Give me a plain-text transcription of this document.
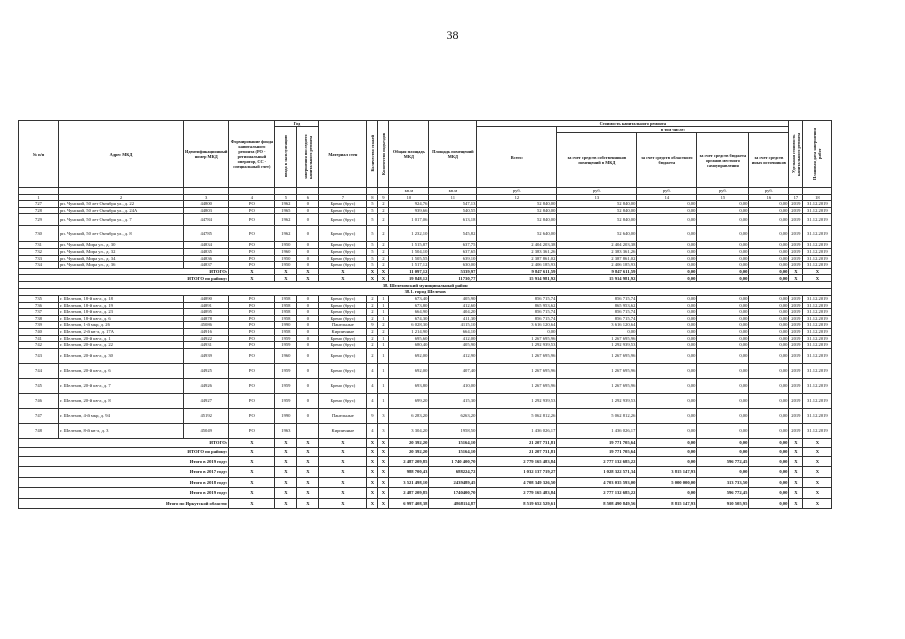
38
№ п/п	Адрес МКД	Идентификационный номер МКД	Формирование фонда капитального ремонта (РО - региональный оператор, СС - специальный счет)	Год		Материал стен	Количество этажей	Количество подъездов	Общая площадь МКД	Площадь помещений МКД	Стоимость капитального ремонта					Удельная стоимость капитального ремонта	Плановая дата завершения работ
				ввода в эксплуатацию	завершения последнего капитального ремонта						Всего:	в том числе:					
												за счет средств собственников помещений в МКД	за счет средств областного бюджета	за счет средств бюджета органов местного самоуправления	за счет средств иных источников		
									кв.м	кв.м	руб.	руб.	руб.	руб.	руб.		
1	2	3	4	5	6	7	8	9	10	11	12	13	14	15	16	17	18
727	рп. Чунский, 50 лет Октября ул., д. 22	44800	РО	1962	0	Брено (брус)	5	2	924,76	547,13	52 840,00	52 840,00	0,00	0,00	0,00	2019	31.12.2019
728	рп. Чунский, 50 лет Октября ул., д. 24А	44803	РО	1965	0	Брено (брус)	5	2	939,66	540,55	52 840,00	52 840,00	0,00	0,00	0,00	2019	31.12.2019
729	рп. Чунский, 50 лет Октября ул., д. 7	44784	РО	1962	0	Брено (брус)	5	2	1 017,06	613,18	52 840,00	52 840,00	0,00	0,00	0,00	2019	31.12.2019
730	рп. Чунский, 50 лет Октября ул., д. 8	44785	РО	1962	0	Брено (брус)	5	2	1 232,10	545,82	52 640,00	52 640,00	0,00	0,00	0,00	2019	31.12.2019
731	рп. Чунский, Мира ул., д. 30	44834	РО	1950	0	Брено (брус)	5	2	1 515,87	637,75	2 404 203,38	2 404 203,38	0,00	0,00	0,00	2019	31.12.2019
732	рп. Чунский, Мира ул., д. 32	44835	РО	1960	0	Брено (брус)	5	2	1 504,10	637,65	2 383 361,26	2 383 361,26	0,00	0,00	0,00	2019	31.12.2019
733	рп. Чунский, Мира ул., д. 34	44836	РО	1950	0	Брено (брус)	5	2	1 505,55	639,10	2 387 861,02	2 387 861,02	0,00	0,00	0,00	2019	31.12.2019
734	рп. Чунский, Мира ул., д. 36	44837	РО	1950	0	Брено (брус)	5	2	1 517,12	630,00	2 406 185,93	2 406 185,93	0,00	0,00	0,00	2019	31.12.2019
ИТОГО:			X	X	X	X	X	X	11 097,12	5339,97	9 847 611,59	9 847 611,59	0,00	0,00	0,00	X	X
ИТОГО по району:			X	X	X	X	X	X	19 848,12	11730,77	15 914 981,92	15 914 981,92	0,00	0,00	0,00	X	X
38. Шелеховский муниципальный район																	
38.1. город Шелехов																	
735	г. Шелехов, 18-й кв-л, д. 18	44890	РО	1958	0	Брено (брус)	2	1	673,40	405,90	856 715,74	856 715,74	0,00	0,00	0,00	2019	31.12.2019
736	г. Шелехов, 18-й кв-л, д. 19	44891	РО	1958	0	Брено (брус)	2	1	673,80	412,60	865 953,62	865 953,62	0,00	0,00	0,00	2019	31.12.2019
737	г. Шелехов, 18-й кв-л, д. 23	44895	РО	1958	0	Брено (брус)	2	1	664,90	404,20	856 715,74	856 715,74	0,00	0,00	0,00	2019	31.12.2019
738	г. Шелехов, 18-й кв-л, д. 6	44878	РО	1958	0	Брено (брус)	2	1	674,30	411,30	856 715,74	856 715,74	0,00	0,00	0,00	2019	31.12.2019
739	г. Шелехов, 1-й мкр, д. 26	45086	РО	1990	0	Панельные	9	2	6 028,30	4115,10	3 616 120,64	3 616 120,64	0,00	0,00	0,00	2019	31.12.2019
740	г. Шелехов, 2-й кв-л, д. 17А	44916	РО	1958	0	Кирпичные	2	2	1 214,90	664,10	0,00	0,00	0,00	0,00	0,00	2019	31.12.2019
741	г. Шелехов, 20-й кв-л, д. 1	44922	РО	1959	0	Брено (брус)	2	1	695,60	412,00	1 267 695,96	1 267 695,96	0,00	0,00	0,00	2019	31.12.2019
742	г. Шелехов, 20-й кв-л, д. 22	44931	РО	1959	0	Брено (брус)	2	1	680,40	405,90	1 292 939,53	1 292 939,53	0,00	0,00	0,00	2019	31.12.2019
743	г. Шелехов, 20-й кв-л, д. 30	44939	РО	1960	0	Брено (брус)	2	1	692,00	412,90	1 267 695,96	1 267 695,96	0,00	0,00	0,00	2019	31.12.2019
744	г. Шелехов, 20-й кв-л, д. 6	44925	РО	1959	0	Брено (брус)	4	1	692,00	407,40	1 267 695,96	1 267 695,96	0,00	0,00	0,00	2019	31.12.2019
745	г. Шелехов, 20-й кв-л, д. 7	44926	РО	1959	0	Брено (брус)	4	1	693,80	410,00	1 267 695,96	1 267 695,96	0,00	0,00	0,00	2019	31.12.2019
746	г. Шелехов, 20-й кв-л, д. 8	44927	РО	1959	0	Брено (брус)	4	1	699,20	415,30	1 292 939,53	1 292 939,53	0,00	0,00	0,00	2019	31.12.2019
747	г. Шелехов, 4-й мкр, д. 94	45192	РО	1990	0	Панельные	9	3	6 283,20	6263,20	5 062 812,26	5 062 812,26	0,00	0,00	0,00	2019	31.12.2019
748	г. Шелехов, 8-й кв-л, д. 3	45049	РО	1963		Кирпичные	4	3	3 304,20	1958,50	1 436 026,17	1 436 026,17	0,00	0,00	0,00	2019	31.12.2019
ИТОГО:			X	X	X	X	X	X	20 392,20	15164,10	21 207 731,81	19 771 705,64	0,00	0,00	0,00	X	X
ИТОГО по району:			X	X	X	X	X	X	20 392,20	15164,10	21 207 731,81	19 771 705,64	0,00	0,00	0,00	X	X
Итого в 2019 году:			X	X	X	X	X	X	2 487 209,85	1 740 400,70	2 779 165 483,84	2 777 132 685,22	0,00	596 772,45	0,00	X	X
Итого в 2017 году:			X	X	X	X	X	X	988 700,43	688224,72	1 032 137 719,27	1 028 322 571,34	3 815 147,93	0,00	0,00	X	X
Итого в 2018 году:			X	X	X	X	X	X	3 521 498,10	2439489,45	4 708 349 326,50	4 703 035 593,00	5 000 000,00	313 733,50	0,00	X	X
Итого в 2019 году:			X	X	X	X	X	X	2 487 209,85	1740400,70	2 779 165 483,84	2 777 132 685,22	0,00	596 772,45	0,00	X	X
Итого по Иркутской области:			X	X	X	X	X	X	6 997 408,38	4868114,87	8 519 652 529,61	8 508 490 849,56	8 815 147,93	910 505,95	0,00	X	X
